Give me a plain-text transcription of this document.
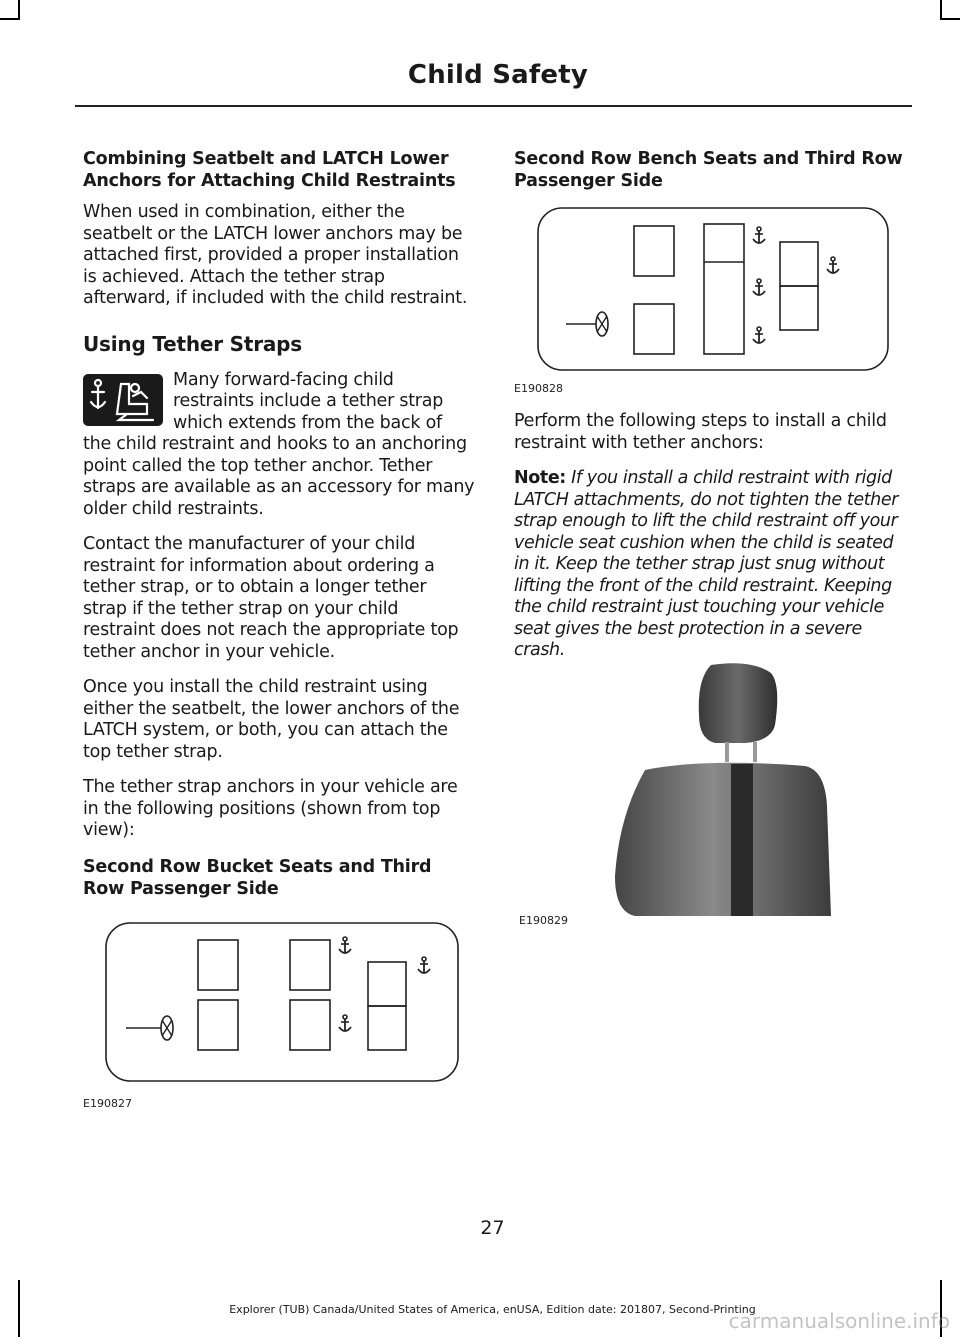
Child Safety
Combining Seatbelt and LATCH Lower Anchors for Attaching Child Restraints

When used in combination, either the seatbelt or the LATCH lower anchors may be attached first, provided a proper installation is achieved. Attach the tether strap afterward, if included with the child restraint.

Using Tether Straps

Many forward-facing child restraints include a tether strap which extends from the back of the child restraint and hooks to an anchoring point called the top tether anchor. Tether straps are available as an accessory for many older child restraints.

Contact the manufacturer of your child restraint for information about ordering a tether strap, or to obtain a longer tether strap if the tether strap on your child restraint does not reach the appropriate top tether anchor in your vehicle.

Once you install the child restraint using either the seatbelt, the lower anchors of the LATCH system, or both, you can attach the top tether strap.

The tether strap anchors in your vehicle are in the following positions (shown from top view):

Second Row Bucket Seats and Third Row Passenger Side
E190827
Second Row Bench Seats and Third Row Passenger Side
E190828

Perform the following steps to install a child restraint with tether anchors:

Note: If you install a child restraint with rigid LATCH attachments, do not tighten the tether strap enough to lift the child restraint off your vehicle seat cushion when the child is seated in it. Keep the tether strap just snug without lifting the front of the child restraint. Keeping the child restraint just touching your vehicle seat gives the best protection in a severe crash.

E190829
27
Explorer (TUB) Canada/United States of America, enUSA, Edition date: 201807, Second-Printing
carmanualsonline.info
